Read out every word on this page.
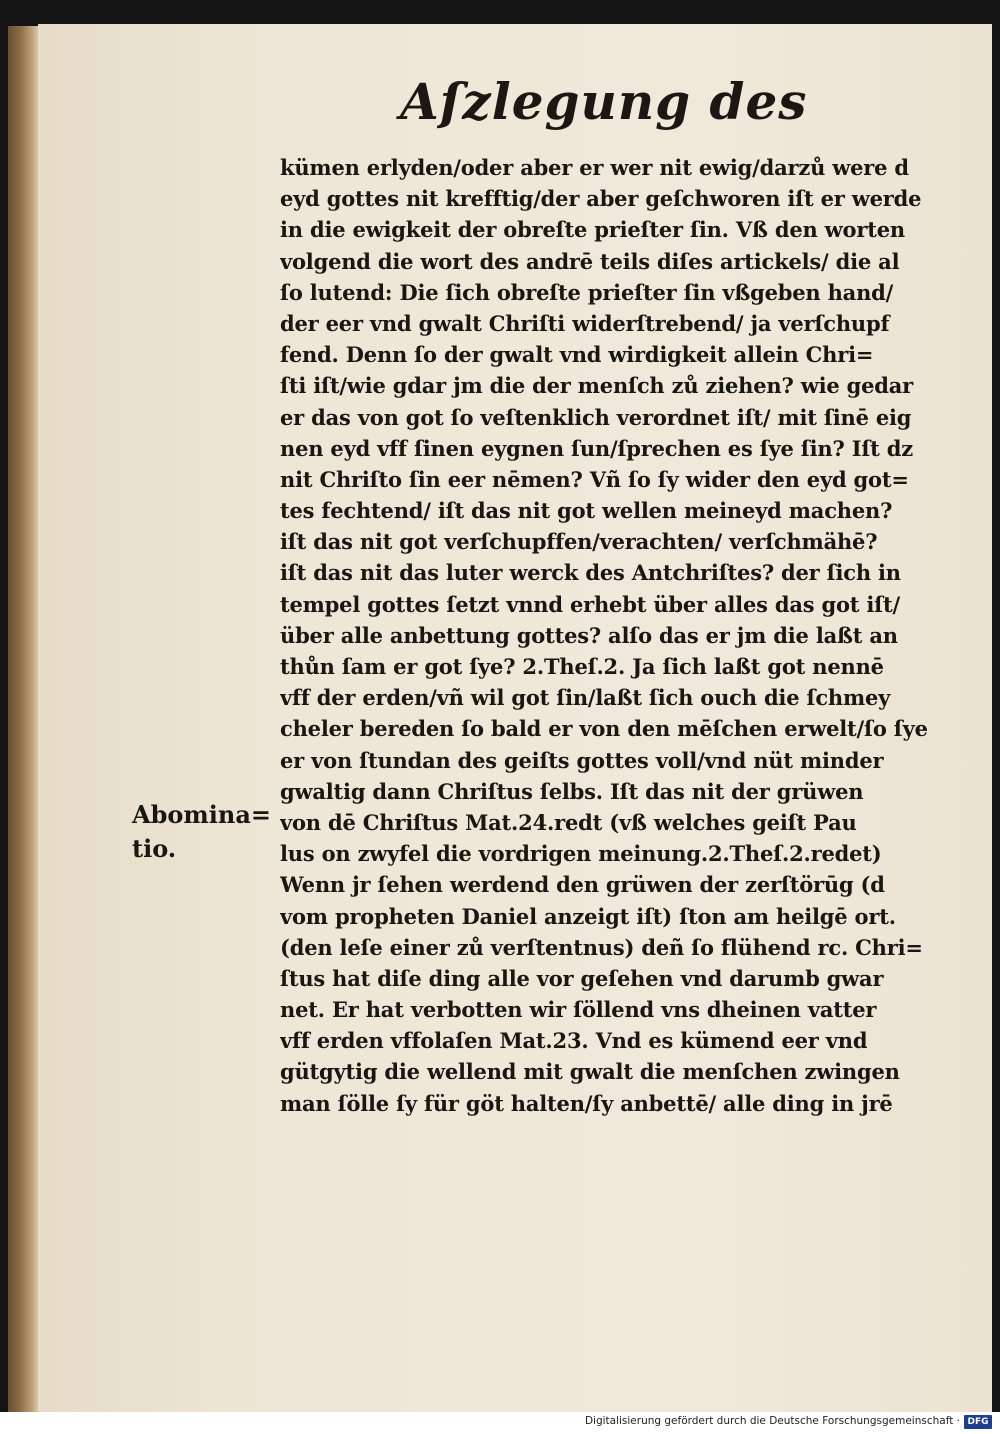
Aſzlegung des
kümen erlyden/oder aber er wer nit ewig/darzů were d
eyd gottes nit krefftig/der aber geſchworen iſt er werde
in die ewigkeit der obreſte prieſter ſin. Vß den worten
volgend die wort des andrē teils diſes artickels/ die al
ſo lutend: Die ſich obreſte prieſter ſin vßgeben hand/
der eer vnd gwalt Chriſti widerſtrebend/ ja verſchupf
fend. Denn ſo der gwalt vnd wirdigkeit allein Chri=
ſti iſt/wie gdar jm die der menſch zů ziehen? wie gedar
er das von got ſo veſtenklich verordnet iſt/ mit ſinē eig
nen eyd vff ſinen eygnen ſun/ſprechen es ſye ſin? Iſt dz
nit Chriſto ſin eer nēmen? Vñ ſo ſy wider den eyd got=
tes fechtend/ iſt das nit got wellen meineyd machen?
iſt das nit got verſchupffen/verachten/ verſchmähē?
iſt das nit das luter werck des Antchriſtes? der ſich in
tempel gottes ſetzt vnnd erhebt über alles das got iſt/
über alle anbettung gottes? alſo das er jm die laßt an
thůn ſam er got ſye? 2.Theſ.2. Ja ſich laßt got nennē
vff der erden/vñ wil got ſin/laßt ſich ouch die ſchmey
cheler bereden ſo bald er von den mēſchen erwelt/ſo ſye
er von ſtundan des geiſts gottes voll/vnd nüt minder
gwaltig dann Chriſtus ſelbs. Iſt das nit der grüwen
von dē Chriſtus Mat.24.redt (vß welches geiſt Pau
lus on zwyfel die vordrigen meinung.2.Theſ.2.redet)
Wenn jr ſehen werdend den grüwen der zerſtörūg (d
vom propheten Daniel anzeigt iſt) ſton am heilgē ort.
(den leſe einer zů verſtentnus) deñ ſo flühend rc. Chri=
ſtus hat diſe ding alle vor geſehen vnd darumb gwar
net. Er hat verbotten wir ſöllend vns dheinen vatter
vff erden vffolaſen Mat.23. Vnd es kümend eer vnd
gütgytig die wellend mit gwalt die menſchen zwingen
man ſölle ſy für göt halten/ſy anbettē/ alle ding in jrē
Abomina=
tio.
Digitalisierung gefördert durch die Deutsche Forschungsgemeinschaft · DFG
